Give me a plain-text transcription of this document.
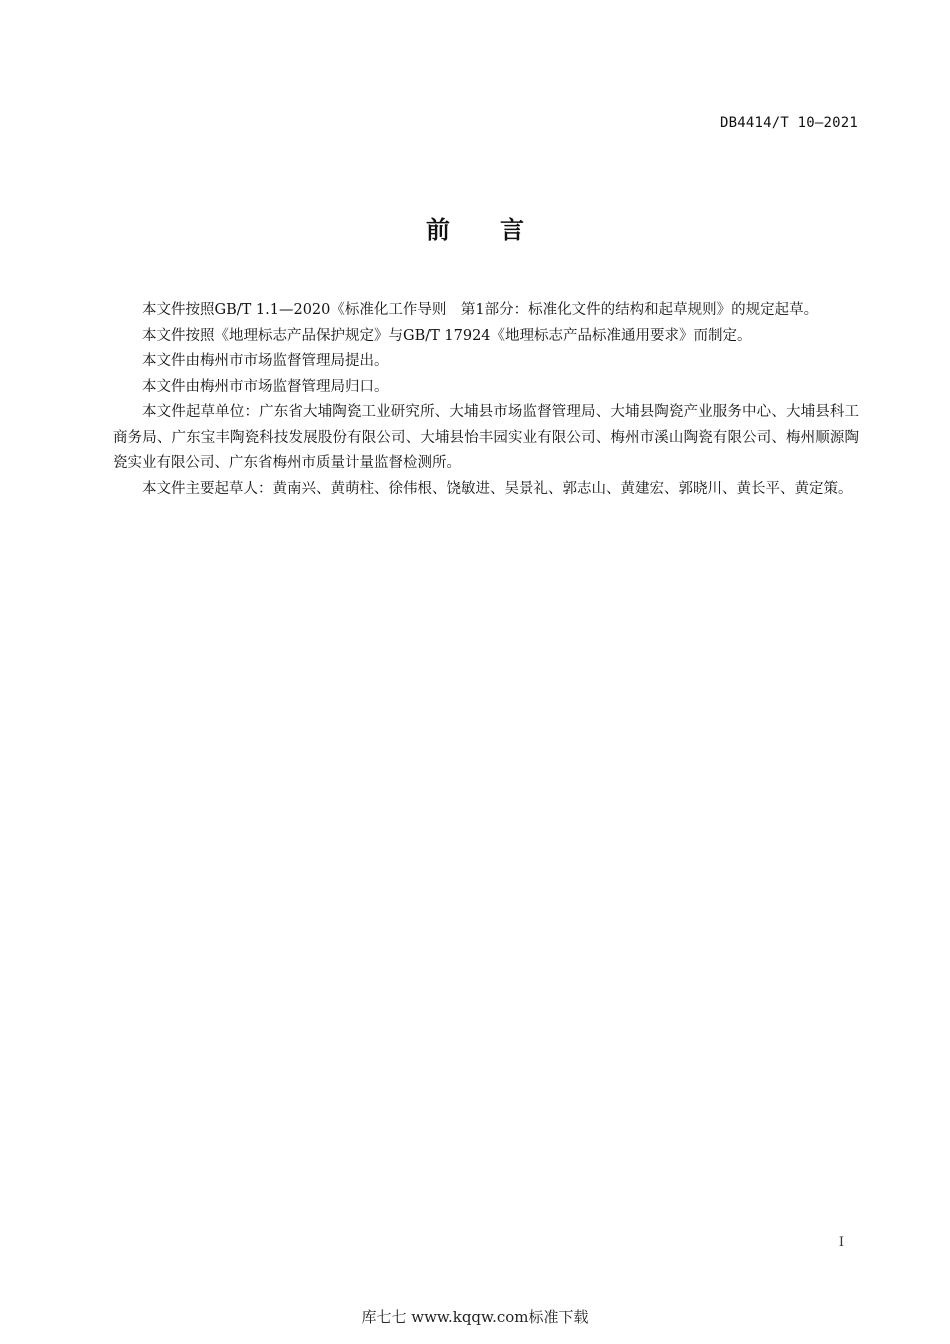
DB4414/T 10—2021
前 言

本文件按照GB/T 1.1—2020《标准化工作导则　第1部分：标准化文件的结构和起草规则》的规定起草。

本文件按照《地理标志产品保护规定》与GB/T 17924《地理标志产品标准通用要求》而制定。

本文件由梅州市市场监督管理局提出。

本文件由梅州市市场监督管理局归口。

本文件起草单位：广东省大埔陶瓷工业研究所、大埔县市场监督管理局、大埔县陶瓷产业服务中心、大埔县科工商务局、广东宝丰陶瓷科技发展股份有限公司、大埔县怡丰园实业有限公司、梅州市溪山陶瓷有限公司、梅州顺源陶瓷实业有限公司、广东省梅州市质量计量监督检测所。

本文件主要起草人：黄南兴、黄萌柱、徐伟根、饶敏进、吴景礼、郭志山、黄建宏、郭晓川、黄长平、黄定策。

I
库七七 www.kqqw.com标准下载
